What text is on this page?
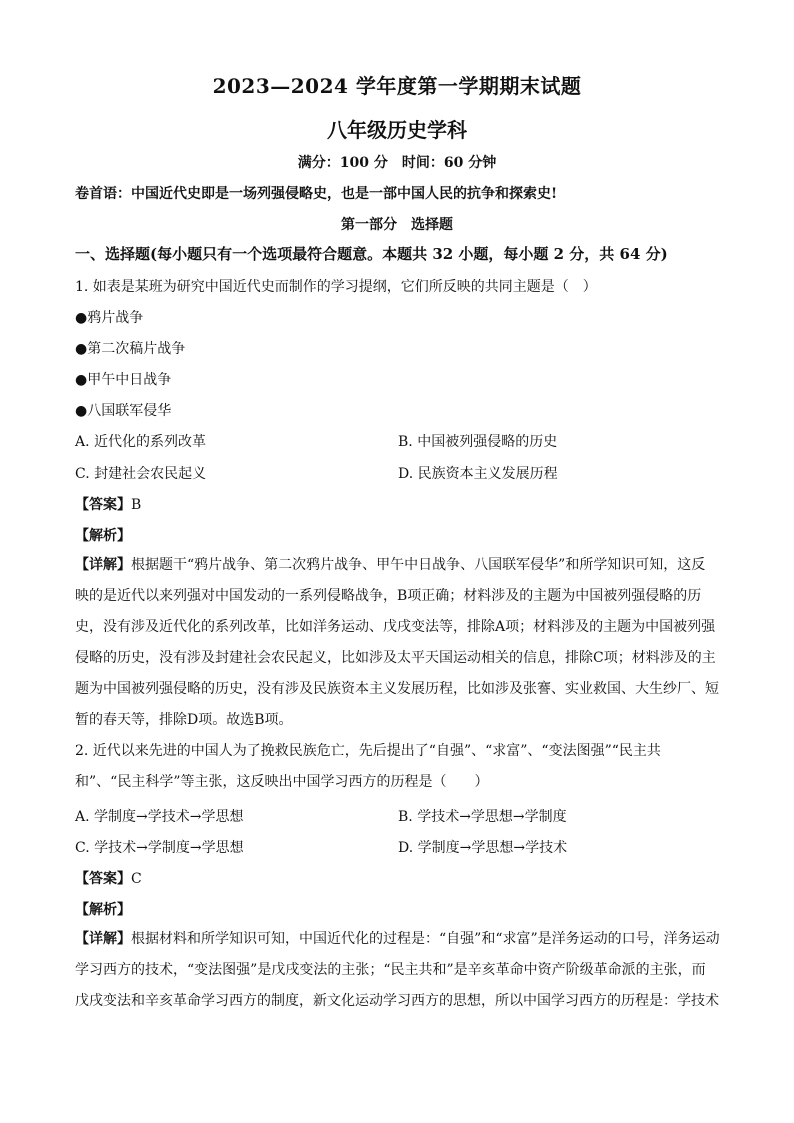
2023—2024 学年度第一学期期末试题
八年级历史学科
满分：100 分　时间：60 分钟
卷首语：中国近代史即是一场列强侵略史，也是一部中国人民的抗争和探索史!
第一部分　选择题
一、选择题(每小题只有一个选项最符合题意。本题共 32 小题，每小题 2 分，共 64 分)
1. 如表是某班为研究中国近代史而制作的学习提纲，它们所反映的共同主题是（　）
●鸦片战争
●第二次稿片战争
●甲午中日战争
●八国联军侵华
A. 近代化的系列改革	B. 中国被列强侵略的历史
C. 封建社会农民起义	D. 民族资本主义发展历程
【答案】B
【解析】
【详解】根据题干“鸦片战争、第二次鸦片战争、甲午中日战争、八国联军侵华”和所学知识可知，这反
映的是近代以来列强对中国发动的一系列侵略战争，B项正确；材料涉及的主题为中国被列强侵略的历
史，没有涉及近代化的系列改革，比如洋务运动、戊戌变法等，排除A项；材料涉及的主题为中国被列强
侵略的历史，没有涉及封建社会农民起义，比如涉及太平天国运动相关的信息，排除C项；材料涉及的主
题为中国被列强侵略的历史，没有涉及民族资本主义发展历程，比如涉及张謇、实业救国、大生纱厂、短
暂的春天等，排除D项。故选B项。
2. 近代以来先进的中国人为了挽救民族危亡，先后提出了“自强”、“求富”、“变法图强”“民主共
和”、“民主科学”等主张，这反映出中国学习西方的历程是（　　）
A. 学制度→学技术→学思想	B. 学技术→学思想→学制度
C. 学技术→学制度→学思想	D. 学制度→学思想→学技术
【答案】C
【解析】
【详解】根据材料和所学知识可知，中国近代化的过程是：“自强”和“求富”是洋务运动的口号，洋务运动
学习西方的技术，“变法图强”是戊戌变法的主张；“民主共和”是辛亥革命中资产阶级革命派的主张，而
戊戌变法和辛亥革命学习西方的制度，新文化运动学习西方的思想，所以中国学习西方的历程是：学技术
